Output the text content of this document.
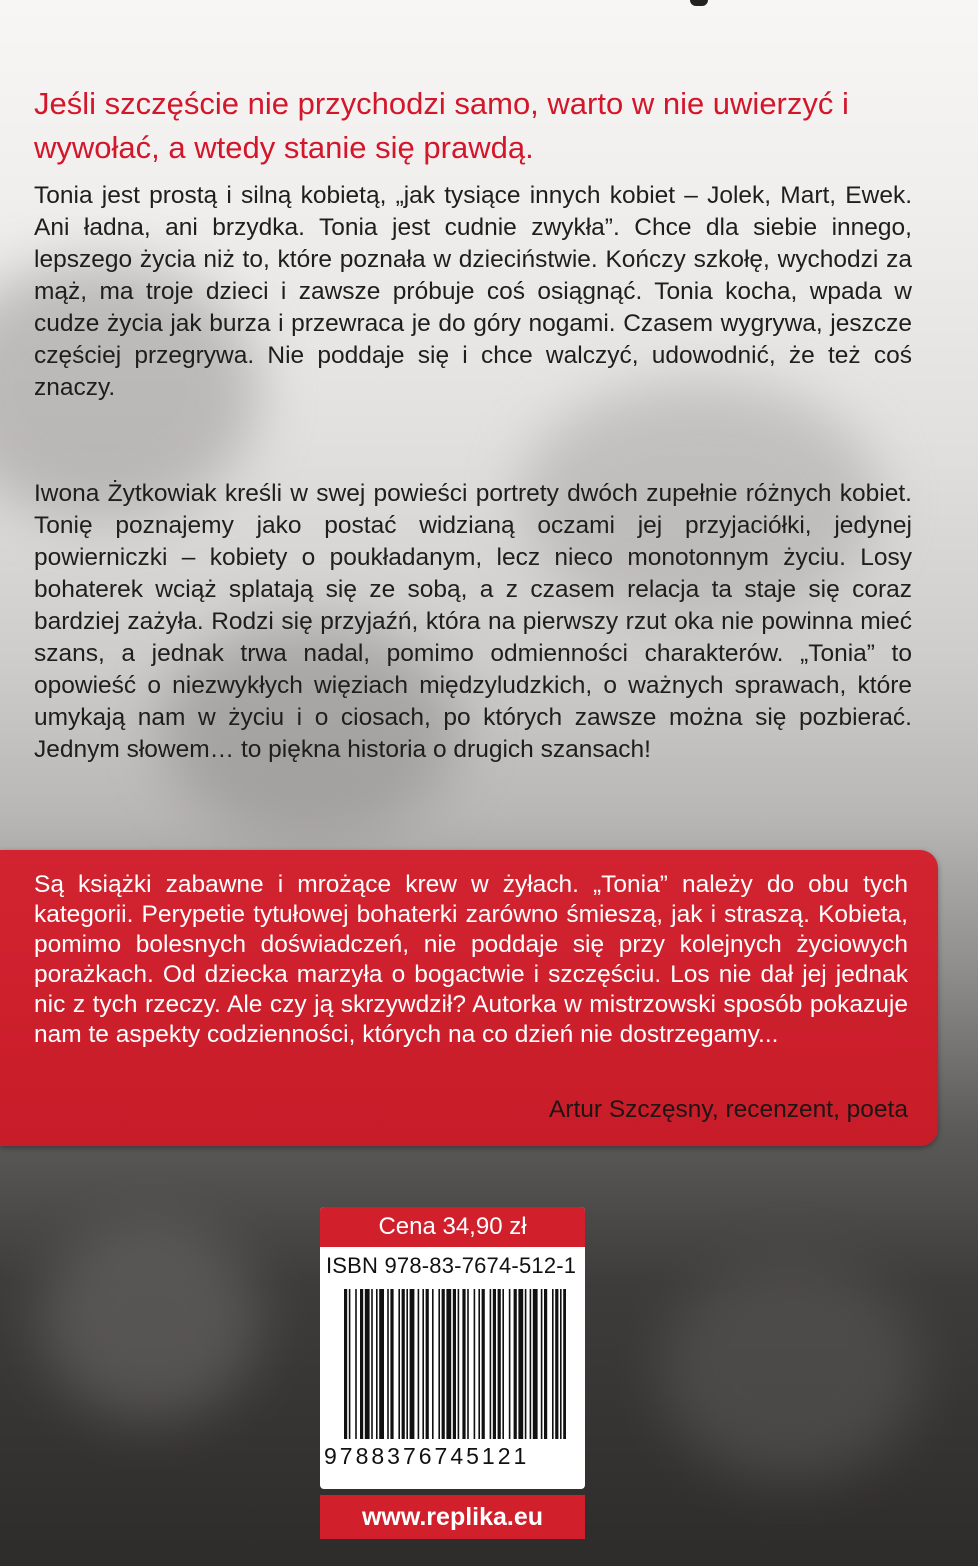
Jeśli szczęście nie przychodzi samo, warto w nie uwierzyć i wywołać, a wtedy stanie się prawdą.

Tonia jest prostą i silną kobietą, „jak tysiące innych kobiet – Jolek, Mart, Ewek. Ani ładna, ani brzydka. Tonia jest cudnie zwykła”. Chce dla siebie innego, lepszego życia niż to, które poznała w dzieciństwie. Kończy szkołę, wychodzi za mąż, ma troje dzieci i zawsze próbuje coś osiągnąć. Tonia kocha, wpada w cudze życia jak burza i przewraca je do góry nogami. Czasem wygrywa, jeszcze częściej przegrywa. Nie poddaje się i chce walczyć, udowodnić, że też coś znaczy.

Iwona Żytkowiak kreśli w swej powieści portrety dwóch zupełnie różnych kobiet. Tonię poznajemy jako postać widzianą oczami jej przyjaciółki, jedynej powierniczki – kobiety o poukładanym, lecz nieco monotonnym życiu. Losy bohaterek wciąż splatają się ze sobą, a z czasem relacja ta staje się coraz bardziej zażyła. Rodzi się przyjaźń, która na pierwszy rzut oka nie powinna mieć szans, a jednak trwa nadal, pomimo odmienności charakterów. „Tonia” to opowieść o niezwykłych więziach międzyludzkich, o ważnych sprawach, które umykają nam w życiu i o ciosach, po których zawsze można się pozbierać. Jednym słowem… to piękna historia o drugich szansach!

Są książki zabawne i mrożące krew w żyłach. „Tonia” należy do obu tych kategorii. Perypetie tytułowej bohaterki zarówno śmieszą, jak i straszą. Kobieta, pomimo bolesnych doświadczeń, nie poddaje się przy kolejnych życiowych porażkach. Od dziecka marzyła o bogactwie i szczęściu. Los nie dał jej jednak nic z tych rzeczy. Ale czy ją skrzywdził? Autorka w mistrzowski sposób pokazuje nam te aspekty codzienności, których na co dzień nie dostrzegamy...

Artur Szczęsny, recenzent, poeta

Cena 34,90 zł
ISBN 978-83-7674-512-1
9788376745121
www.replika.eu
